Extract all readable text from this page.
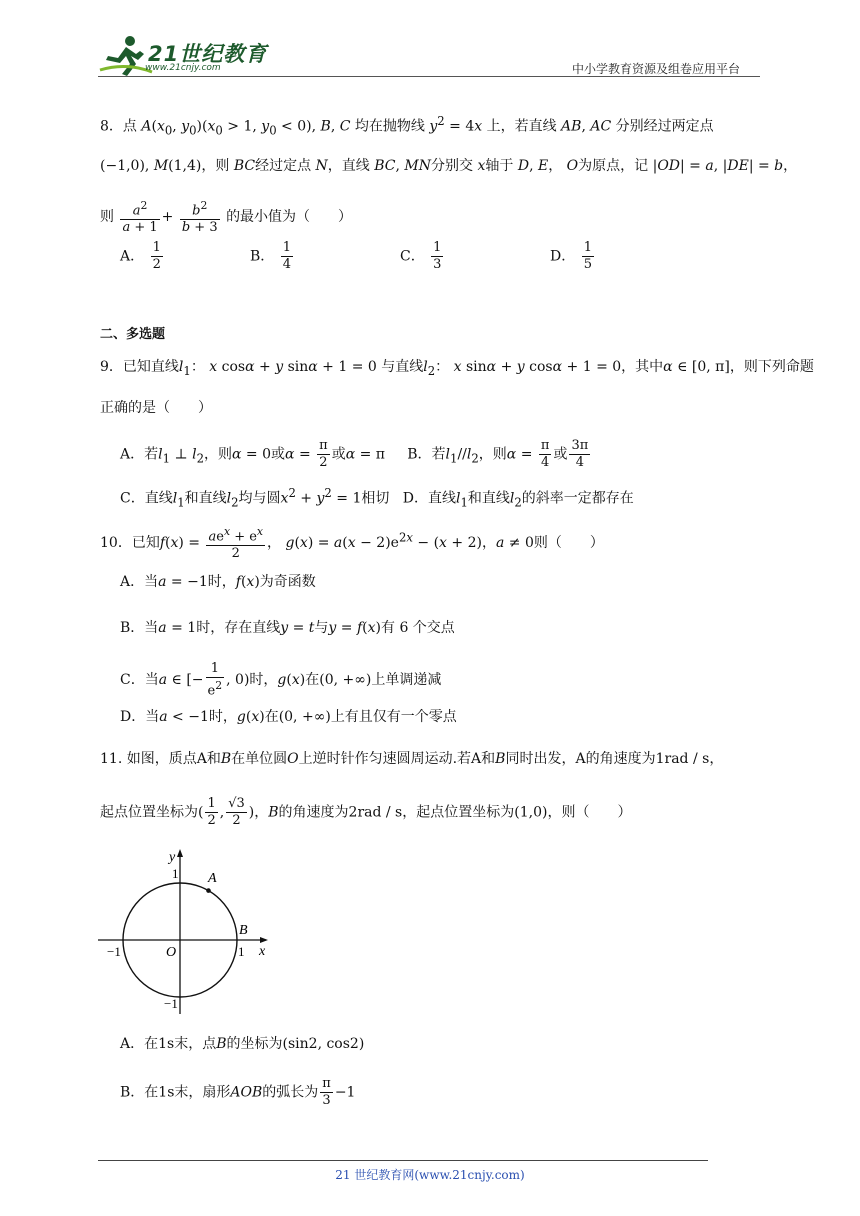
21世纪教育
www.21cnjy.com	中小学教育资源及组卷应用平台
8．点 $A(x_0$, $y_0)(x_0 > 1$, $y_0 < 0$), B, C 均在抛物线 $y^2 = 4x$ 上，若直线 AB, AC 分别经过两定点
(−1,0), M(1,4)，则 BC经过定点 N，直线 BC, MN分别交 x轴于 D, E， O为原点，记 |OD| = a, |DE| = b，
则 $\frac{a^2}{a + 1} + \frac{b^2}{b + 3}$ 的最小值为（　　）
A． $\frac{1}{2}$	B． $\frac{1}{4}$	C． $\frac{1}{3}$	D． $\frac{1}{5}$
二、多选题
9．已知直线$l_1$： x cosα + y sinα + 1 = 0 与直线$l_2$： x sinα + y cosα + 1 = 0，其中α ∈ [0, π]，则下列命题
正确的是（　　）
A．若$l_1$ ⊥ $l_2$，则α = 0或$\alpha = \frac{\pi}{2}$ 或α = π     B．若$l_1//l_2$，则$\alpha = \frac{\pi}{4}$ 或 $\frac{3\pi}{4}$
C．直线$l_1$和直线$l_2$均与圆$x^2 + y^2 = 1$相切 D．直线$l_1$和直线$l_2$的斜率一定都存在
10．已知$f(x) = \frac{ae^x + e^x}{2}$ ， $g(x) = a(x - 2)e^{2x} - (x + 2)$，a ≠ 0则（　　）
A．当a = −1时，f(x)为奇函数
B．当a = 1时，存在直线y = t与y = f(x)有 6 个交点
C．当a ∈ [− $\frac{1}{e^2}$ , 0)时，g(x)在(0, +∞)上单调递减
D．当a < −1时，g(x)在(0, +∞)上有且仅有一个零点
11. 如图，质点A和B在单位圆O上逆时针作匀速圆周运动.若A和B同时出发，A的角速度为1rad / s，
起点位置坐标为( $\frac{1}{2}$ , $\frac{√3}{2}$ )，B的角速度为2rad / s，起点位置坐标为(1,0)，则（　　）
A
B
O
y
x
1
1
−1
−1
A．在1s末，点B的坐标为(sin2, cos2)
B．在1s末，扇形AOB的弧长为 $\frac{\pi}{3} -1$
21 世纪教育网(www.21cnjy.com)
